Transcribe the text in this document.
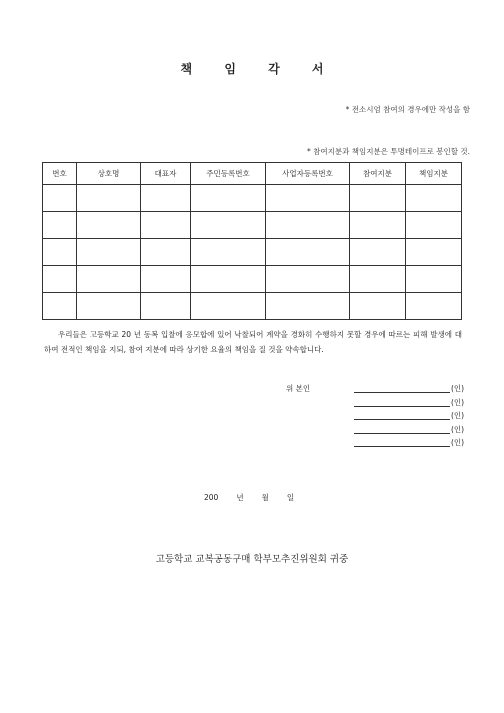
책 임 각 서
* 전소시엄 참여의 경우에만 작성을 함
* 참여지분과 책임지분은 투명테이프로 봉인할 것.
번호	상호명	대표자	주민등록번호	사업자등록번호	참여지분	책임지분

우리들은 고등학교 20 년 동복 입찰에 응모합에 있어 낙찰되어 계약을 경화히 수행하지 못할 경우에 따르는 피해 발생에 대하여 전적인 책임을 지되, 참여 지분에 따라 상기한 요율의 책임을 질 것을 약속합니다.
위 본인	(인)
(인)
(인)
(인)
(인)
200 년 월 일
고등학교 교복공동구매 학부모추진위원회 귀중
